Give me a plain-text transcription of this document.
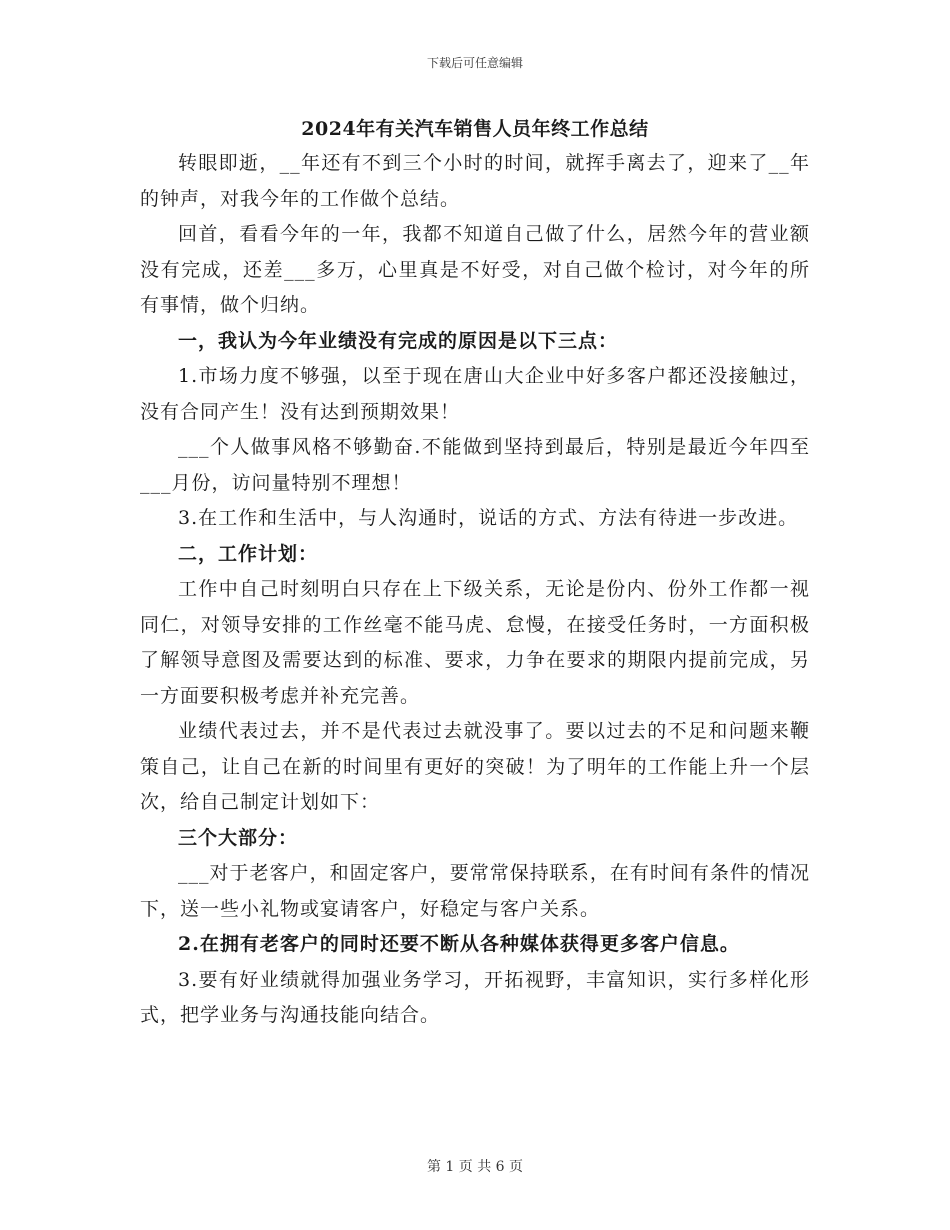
下载后可任意编辑
2024年有关汽车销售人员年终工作总结

转眼即逝，__年还有不到三个小时的时间，就挥手离去了，迎来了__年的钟声，对我今年的工作做个总结。

回首，看看今年的一年，我都不知道自己做了什么，居然今年的营业额没有完成，还差___多万，心里真是不好受，对自己做个检讨，对今年的所有事情，做个归纳。

一，我认为今年业绩没有完成的原因是以下三点：

1.市场力度不够强，以至于现在唐山大企业中好多客户都还没接触过，没有合同产生！没有达到预期效果！

___个人做事风格不够勤奋.不能做到坚持到最后，特别是最近今年四至___月份，访问量特别不理想！

3.在工作和生活中，与人沟通时，说话的方式、方法有待进一步改进。

二，工作计划：

工作中自己时刻明白只存在上下级关系，无论是份内、份外工作都一视同仁，对领导安排的工作丝毫不能马虎、怠慢，在接受任务时，一方面积极了解领导意图及需要达到的标准、要求，力争在要求的期限内提前完成，另一方面要积极考虑并补充完善。

业绩代表过去，并不是代表过去就没事了。要以过去的不足和问题来鞭策自己，让自己在新的时间里有更好的突破！为了明年的工作能上升一个层次，给自己制定计划如下：

三个大部分：

___对于老客户，和固定客户，要常常保持联系，在有时间有条件的情况下，送一些小礼物或宴请客户，好稳定与客户关系。

2.在拥有老客户的同时还要不断从各种媒体获得更多客户信息。

3.要有好业绩就得加强业务学习，开拓视野，丰富知识，实行多样化形式，把学业务与沟通技能向结合。

第 1 页 共 6 页
